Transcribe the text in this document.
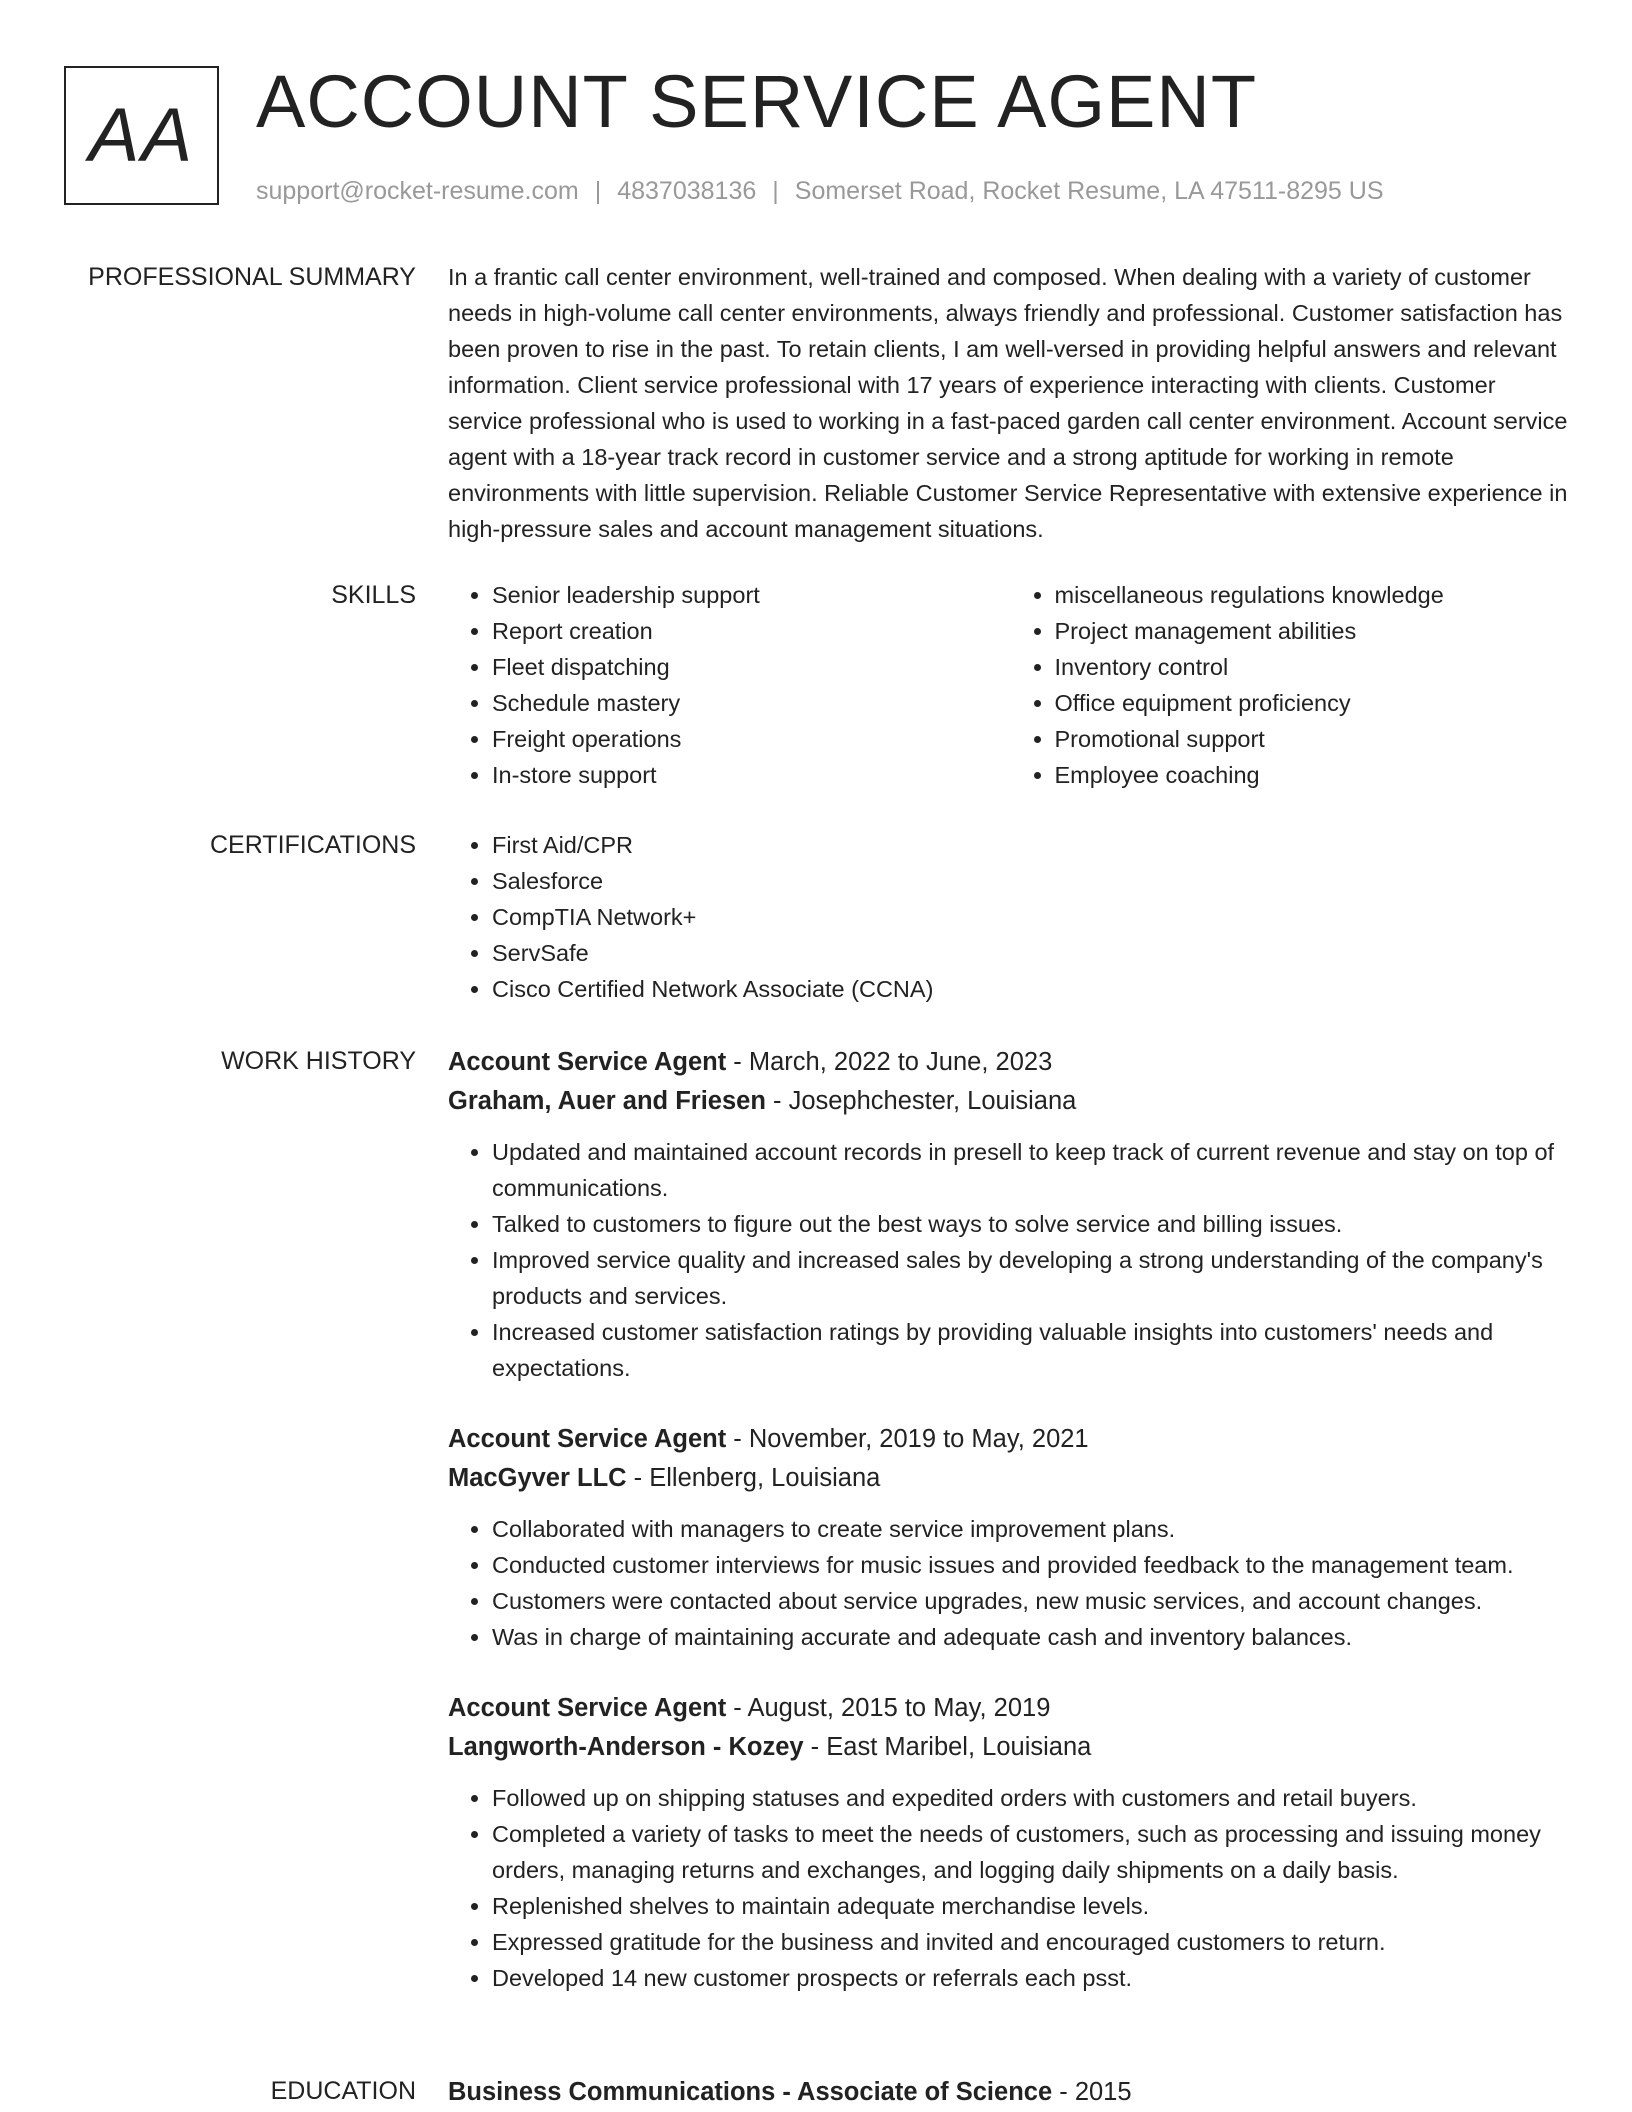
AA ACCOUNT SERVICE AGENT
support@rocket-resume.com | 4837038136 | Somerset Road, Rocket Resume, LA 47511-8295 US
PROFESSIONAL SUMMARY In a frantic call center environment, well-trained and composed. When dealing with a variety of customer needs in high-volume call center environments, always friendly and professional. Customer satisfaction has been proven to rise in the past. To retain clients, I am well-versed in providing helpful answers and relevant information. Client service professional with 17 years of experience interacting with clients. Customer service professional who is used to working in a fast-paced garden call center environment. Account service agent with a 18-year track record in customer service and a strong aptitude for working in remote environments with little supervision. Reliable Customer Service Representative with extensive experience in high-pressure sales and account management situations.

SKILLS	• Senior leadership support
• Report creation
• Fleet dispatching
• Schedule mastery
• Freight operations
• In-store support
• miscellaneous regulations knowledge
• Project management abilities
• Inventory control
• Office equipment proficiency
• Promotional support
• Employee coaching
CERTIFICATIONS	• First Aid/CPR
• Salesforce
• CompTIA Network+
• ServSafe
• Cisco Certified Network Associate (CCNA)
WORK HISTORY Account Service Agent - March, 2022 to June, 2023
Graham, Auer and Friesen - Josephchester, Louisiana
• Updated and maintained account records in presell to keep track of current revenue and stay on top of communications.
• Talked to customers to figure out the best ways to solve service and billing issues.
• Improved service quality and increased sales by developing a strong understanding of the company's products and services.
• Increased customer satisfaction ratings by providing valuable insights into customers' needs and expectations.
Account Service Agent - November, 2019 to May, 2021
MacGyver LLC - Ellenberg, Louisiana
• Collaborated with managers to create service improvement plans.
• Conducted customer interviews for music issues and provided feedback to the management team.
• Customers were contacted about service upgrades, new music services, and account changes.
• Was in charge of maintaining accurate and adequate cash and inventory balances.
Account Service Agent - August, 2015 to May, 2019
Langworth-Anderson - Kozey - East Maribel, Louisiana
• Followed up on shipping statuses and expedited orders with customers and retail buyers.
• Completed a variety of tasks to meet the needs of customers, such as processing and issuing money orders, managing returns and exchanges, and logging daily shipments on a daily basis.
• Replenished shelves to maintain adequate merchandise levels.
• Expressed gratitude for the business and invited and encouraged customers to return.
• Developed 14 new customer prospects or referrals each psst.
EDUCATION Business Communications - Associate of Science - 2015
